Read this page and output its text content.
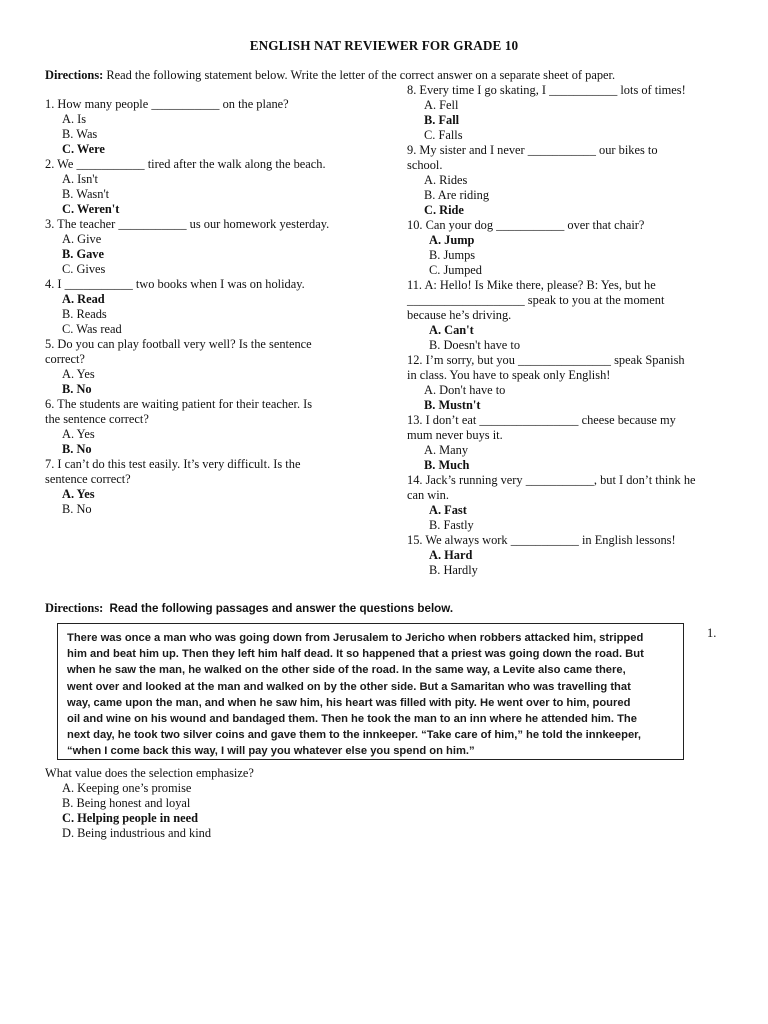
ENGLISH NAT REVIEWER FOR GRADE 10
Directions: Read the following statement below. Write the letter of the correct answer on a separate sheet of paper.
1. How many people ___________ on the plane?
A. Is
B. Was
C. Were
2. We ___________ tired after the walk along the beach.
A. Isn't
B. Wasn't
C. Weren't
3. The teacher ___________ us our homework yesterday.
A. Give
B. Gave
C. Gives
4. I ___________ two books when I was on holiday.
A. Read
B. Reads
C. Was read
5. Do you can play football very well? Is the sentence
correct?
A. Yes
B. No
6. The students are waiting patient for their teacher. Is
the sentence correct?
A. Yes
B. No
7. I can’t do this test easily. It’s very difficult. Is the
sentence correct?
A. Yes
B. No
8. Every time I go skating, I ___________ lots of times!
A. Fell
B. Fall
C. Falls
9. My sister and I never ___________ our bikes to
school.
A. Rides
B. Are riding
C. Ride
10. Can your dog ___________ over that chair?
A. Jump
B. Jumps
C. Jumped
11. A: Hello! Is Mike there, please? B: Yes, but he
___________________ speak to you at the moment
because he’s driving.
A. Can't
B. Doesn't have to
12. I’m sorry, but you _______________ speak Spanish
in class. You have to speak only English!
A. Don't have to
B. Mustn't
13. I don’t eat ________________ cheese because my
mum never buys it.
A. Many
B. Much
14. Jack’s running very ___________, but I don’t think he
can win.
A. Fast
B. Fastly
15. We always work ___________ in English lessons!
A. Hard
B. Hardly
Directions: Read the following passages and answer the questions below.
There was once a man who was going down from Jerusalem to Jericho when robbers attacked him, stripped
him and beat him up. Then they left him half dead. It so happened that a priest was going down the road. But
when he saw the man, he walked on the other side of the road. In the same way, a Levite also came there,
went over and looked at the man and walked on by the other side. But a Samaritan who was travelling that
way, came upon the man, and when he saw him, his heart was filled with pity. He went over to him, poured
oil and wine on his wound and bandaged them. Then he took the man to an inn where he attended him. The
next day, he took two silver coins and gave them to the innkeeper. “Take care of him,” he told the innkeeper,
“when I come back this way, I will pay you whatever else you spend on him.”
1.
What value does the selection emphasize?
A. Keeping one’s promise
B. Being honest and loyal
C. Helping people in need
D. Being industrious and kind
